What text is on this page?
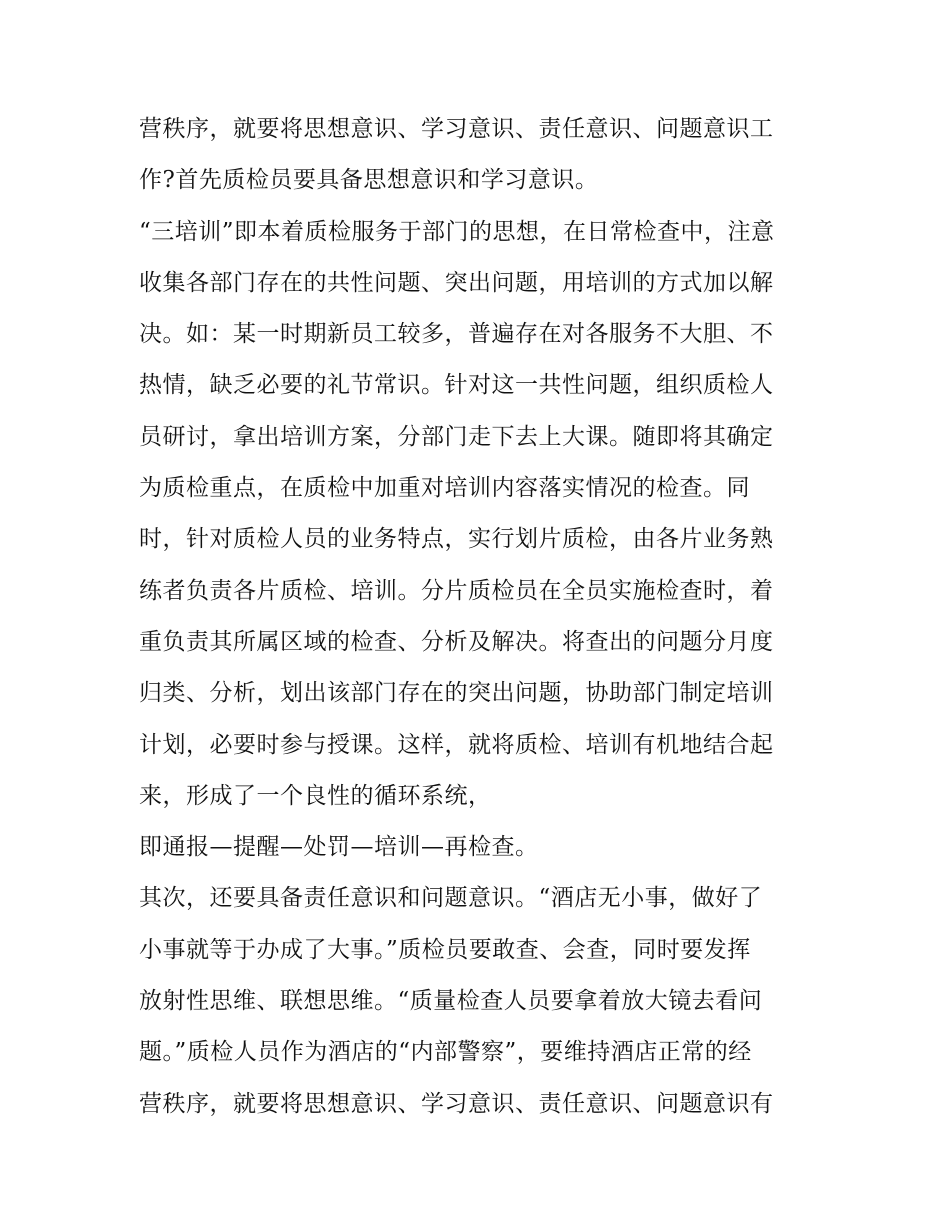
营秩序，就要将思想意识、学习意识、责任意识、问题意识工
作?首先质检员要具备思想意识和学习意识。
“三培训”即本着质检服务于部门的思想，在日常检查中，注意
收集各部门存在的共性问题、突出问题，用培训的方式加以解
决。如：某一时期新员工较多，普遍存在对各服务不大胆、不
热情，缺乏必要的礼节常识。针对这一共性问题，组织质检人
员研讨，拿出培训方案，分部门走下去上大课。随即将其确定
为质检重点，在质检中加重对培训内容落实情况的检查。同
时，针对质检人员的业务特点，实行划片质检，由各片业务熟
练者负责各片质检、培训。分片质检员在全员实施检查时，着
重负责其所属区域的检查、分析及解决。将查出的问题分月度
归类、分析，划出该部门存在的突出问题，协助部门制定培训
计划，必要时参与授课。这样，就将质检、培训有机地结合起
来，形成了一个良性的循环系统，
即通报—提醒—处罚—培训—再检查。
其次，还要具备责任意识和问题意识。“酒店无小事，做好了
小事就等于办成了大事。”质检员要敢查、会查，同时要发挥
放射性思维、联想思维。“质量检查人员要拿着放大镜去看问
题。”质检人员作为酒店的“内部警察”，要维持酒店正常的经
营秩序，就要将思想意识、学习意识、责任意识、问题意识有
